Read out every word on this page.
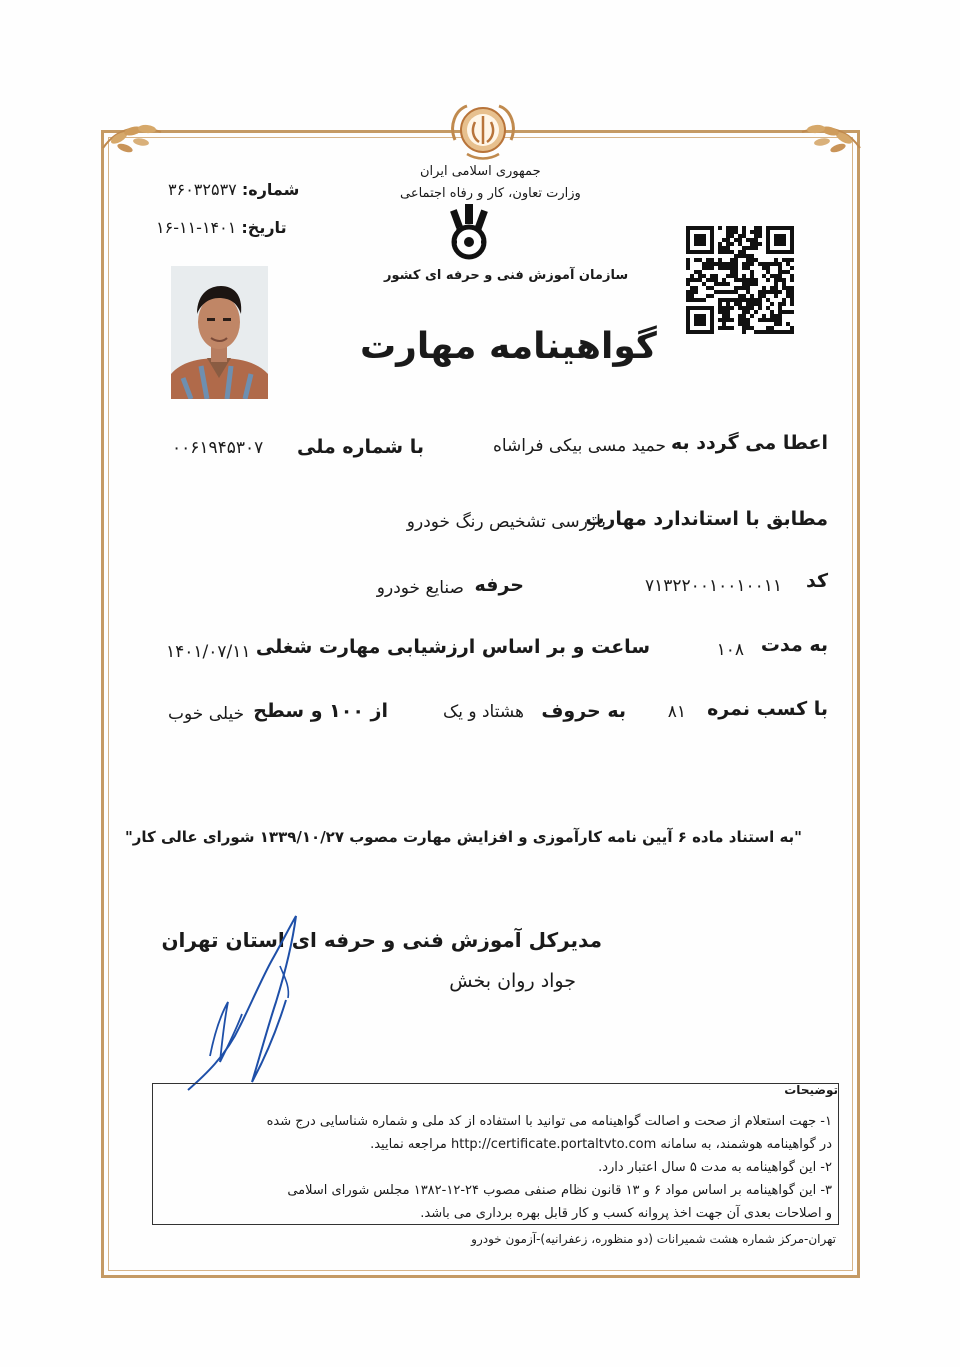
جمهوری اسلامی ایران
وزارت تعاون، کار و رفاه اجتماعی
سازمان آموزش فنی و حرفه ای کشور
شماره: ۳۶۰۳۲۵۳۷
تاریخ: ۱۴۰۱-۱۱-۱۶
گواهینامه مهارت
اعطا می گردد به
حمید مسی بیکی فراشاه
با شماره ملی
۰۰۶۱۹۴۵۳۰۷
مطابق با استاندارد مهارت
بازرسی تشخیص رنگ خودرو
کد
۷۱۳۲۲۰۰۱۰۰۱۰۰۱۱
حرفه
صنایع خودرو
به مدت
۱۰۸
ساعت و بر اساس ارزشیابی مهارت شغلی
۱۴۰۱/۰۷/۱۱
با کسب نمره
۸۱
به حروف
هشتاد و یک
از ۱۰۰ و سطح
خیلی خوب
"به استناد ماده ۶ آیین نامه کارآموزی و افزایش مهارت مصوب ۱۳۳۹/۱۰/۲۷ شورای عالی کار"
مدیرکل آموزش فنی و حرفه ای استان تهران
جواد روان بخش
توضیحات
۱- جهت استعلام از صحت و اصالت گواهینامه می توانید با استفاده از کد ملی و شماره شناسایی درج شده
در گواهینامه هوشمند، به سامانه http://certificate.portaltvto.com مراجعه نمایید.
۲- این گواهینامه به مدت ۵ سال اعتبار دارد.
۳- این گواهینامه بر اساس مواد ۶ و ۱۳ قانون نظام صنفی مصوب ۲۴-۱۲-۱۳۸۲ مجلس شورای اسلامی
و اصلاحات بعدی آن جهت اخذ پروانه کسب و کار قابل بهره برداری می باشد.
تهران-مرکز شماره هشت شمیرانات (دو منظوره، زعفرانیه)-آزمون خودرو
